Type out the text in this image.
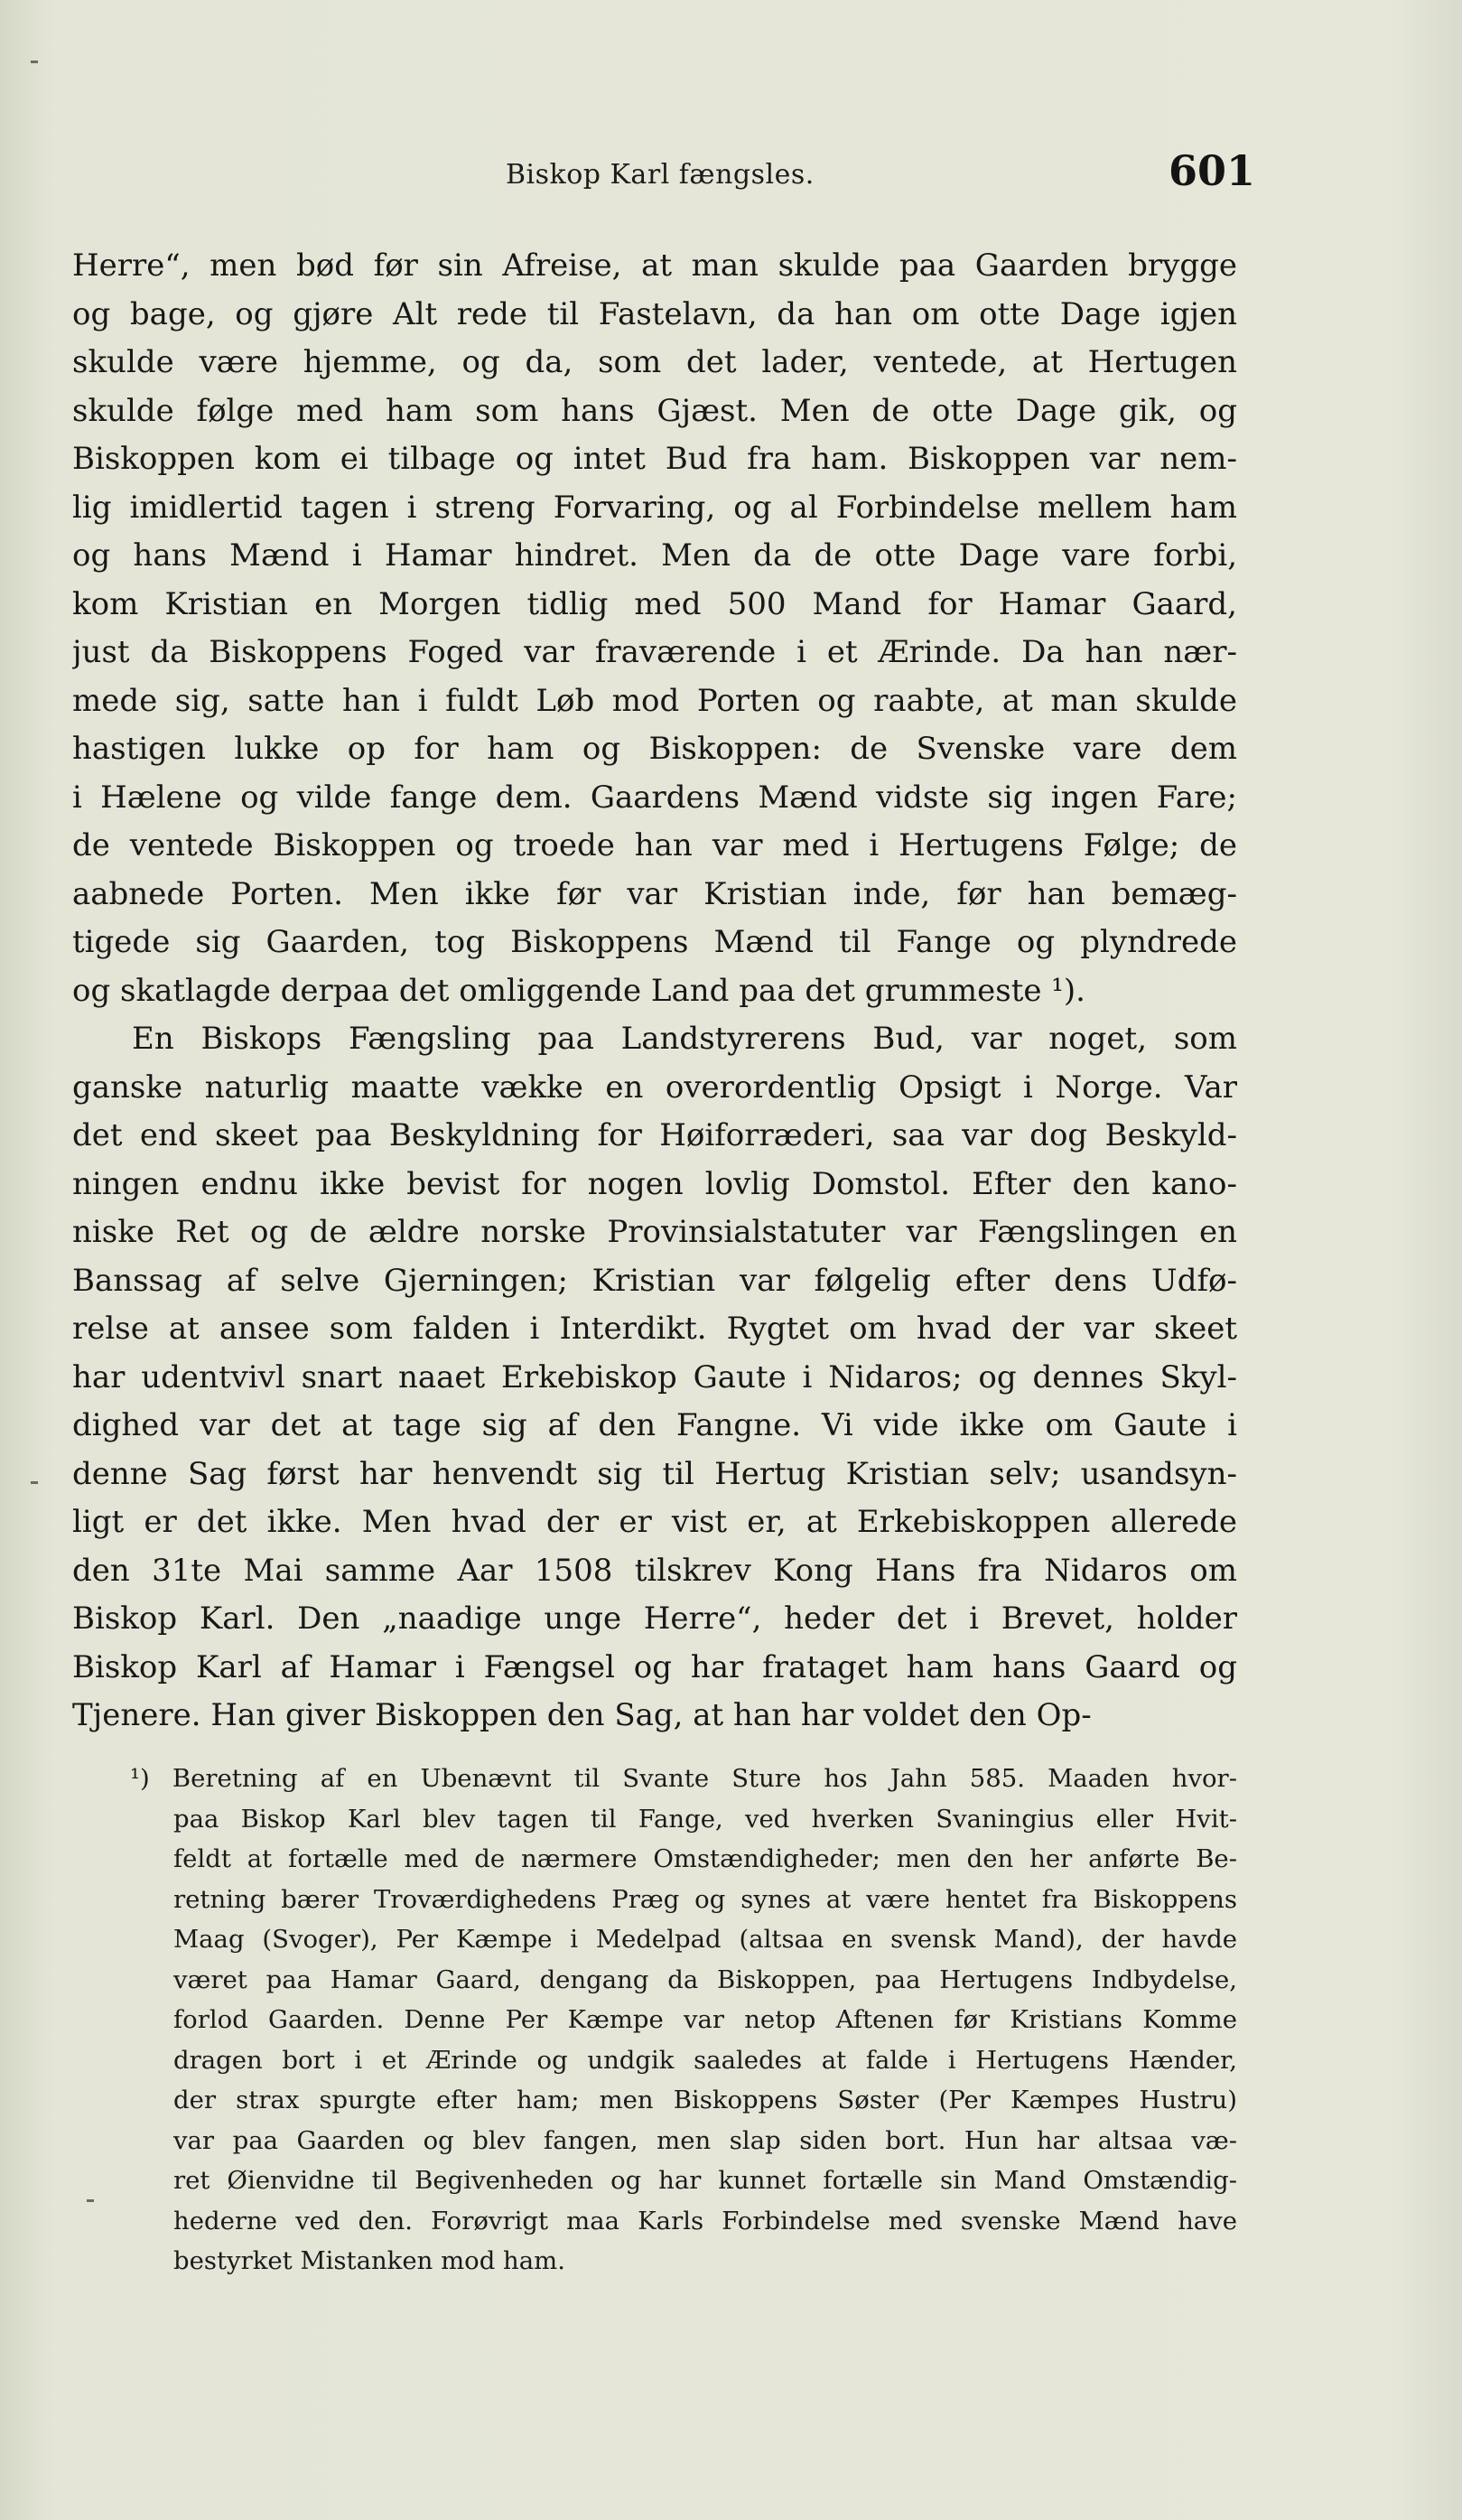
Biskop Karl fængsles.	601
Herre“, men bød før sin Afreise, at man skulde paa Gaarden brygge
og bage, og gjøre Alt rede til Fastelavn, da han om otte Dage igjen
skulde være hjemme, og da, som det lader, ventede, at Hertugen
skulde følge med ham som hans Gjæst. Men de otte Dage gik, og
Biskoppen kom ei tilbage og intet Bud fra ham. Biskoppen var nem-
lig imidlertid tagen i streng Forvaring, og al Forbindelse mellem ham
og hans Mænd i Hamar hindret. Men da de otte Dage vare forbi,
kom Kristian en Morgen tidlig med 500 Mand for Hamar Gaard,
just da Biskoppens Foged var fraværende i et Ærinde. Da han nær-
mede sig, satte han i fuldt Løb mod Porten og raabte, at man skulde
hastigen lukke op for ham og Biskoppen: de Svenske vare dem
i Hælene og vilde fange dem. Gaardens Mænd vidste sig ingen Fare;
de ventede Biskoppen og troede han var med i Hertugens Følge; de
aabnede Porten. Men ikke før var Kristian inde, før han bemæg-
tigede sig Gaarden, tog Biskoppens Mænd til Fange og plyndrede
og skatlagde derpaa det omliggende Land paa det grummeste ¹).
En Biskops Fængsling paa Landstyrerens Bud, var noget, som
ganske naturlig maatte vække en overordentlig Opsigt i Norge. Var
det end skeet paa Beskyldning for Høiforræderi, saa var dog Beskyld-
ningen endnu ikke bevist for nogen lovlig Domstol. Efter den kano-
niske Ret og de ældre norske Provinsialstatuter var Fængslingen en
Banssag af selve Gjerningen; Kristian var følgelig efter dens Udfø-
relse at ansee som falden i Interdikt. Rygtet om hvad der var skeet
har udentvivl snart naaet Erkebiskop Gaute i Nidaros; og dennes Skyl-
dighed var det at tage sig af den Fangne. Vi vide ikke om Gaute i
denne Sag først har henvendt sig til Hertug Kristian selv; usandsyn-
ligt er det ikke. Men hvad der er vist er, at Erkebiskoppen allerede
den 31te Mai samme Aar 1508 tilskrev Kong Hans fra Nidaros om
Biskop Karl. Den „naadige unge Herre“, heder det i Brevet, holder
Biskop Karl af Hamar i Fængsel og har frataget ham hans Gaard og
Tjenere. Han giver Biskoppen den Sag, at han har voldet den Op-
¹) Beretning af en Ubenævnt til Svante Sture hos Jahn 585. Maaden hvor-
paa Biskop Karl blev tagen til Fange, ved hverken Svaningius eller Hvit-
feldt at fortælle med de nærmere Omstændigheder; men den her anførte Be-
retning bærer Troværdighedens Præg og synes at være hentet fra Biskoppens
Maag (Svoger), Per Kæmpe i Medelpad (altsaa en svensk Mand), der havde
været paa Hamar Gaard, dengang da Biskoppen, paa Hertugens Indbydelse,
forlod Gaarden. Denne Per Kæmpe var netop Aftenen før Kristians Komme
dragen bort i et Ærinde og undgik saaledes at falde i Hertugens Hænder,
der strax spurgte efter ham; men Biskoppens Søster (Per Kæmpes Hustru)
var paa Gaarden og blev fangen, men slap siden bort. Hun har altsaa væ-
ret Øienvidne til Begivenheden og har kunnet fortælle sin Mand Omstændig-
hederne ved den. Forøvrigt maa Karls Forbindelse med svenske Mænd have
bestyrket Mistanken mod ham.
